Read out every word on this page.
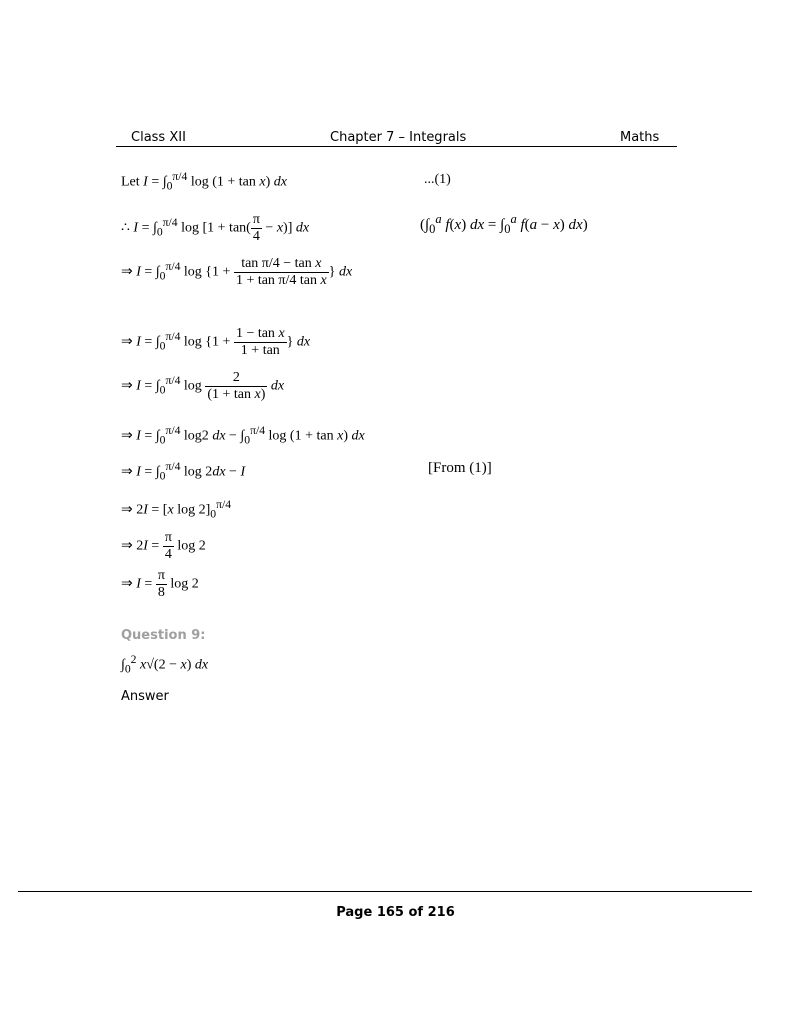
Class XII	Chapter 7 – Integrals	Maths
Let $I = \int_0^{\pi/4}$ log (1 + tan x) dx	...(1)
∴ $I = \int_0^{\pi/4}$ $\log [1 + \tan( \frac{\pi}{4} - x)]$ dx	($\int_0^a$ f(x) dx = $\int_0^a$ f(a − x) dx)
⇒ $I = \int_0^{\pi/4}$ $\log \{1 + \frac{\text{tan π/4 − tan x}}{\text{1 + tan π/4 tan x}}$ } dx
⇒ $I = \int_0^{\pi/4}$ $\log \{1 + \frac{\text{1 − tan x}}{1 + \tan}$ } dx
⇒ $I = \int_0^{\pi/4}$ $\log \frac{2}{\text{(1 + tan x)}}$ dx
⇒ $I = \int_0^{\pi/4}$ log2 dx − $\int_0^{\pi/4}$ log (1 + tan x) dx
⇒ $I = \int_0^{\pi/4}$ log 2dx − I	[From (1)]
⇒ 2I = [x $\log 2]_0^{\pi/4}$
⇒ $2I = \frac{\pi}{4}$ log 2
⇒ $I = \frac{\pi}{8}$ log 2
Question 9:
$\int_0^2$ x√(2 − x) dx
Answer
Page 165 of 216
